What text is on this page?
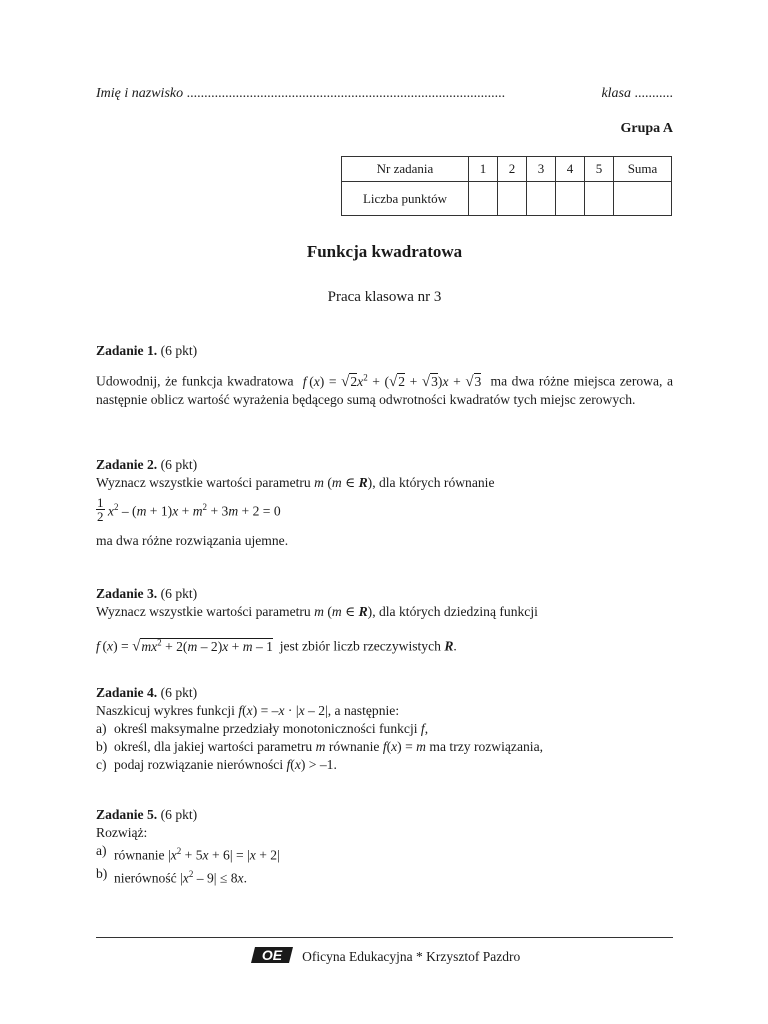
Imię i nazwisko ...........................................................................................	klasa ...........
Grupa A
Nr zadania	1	2	3	4	5	Suma
Liczba punktów						
Funkcja kwadratowa
Praca klasowa nr 3
Zadanie 1. (6 pkt)
Udowodnij, że funkcja kwadratowa f $(x) = √2x^2 + (√2 + √3)x + √3$ ma dwa różne miejsca zerowa, a następnie oblicz wartość wyrażenia będącego sumą odwrotności kwadratów tych miejsc zerowych.
Zadanie 2. (6 pkt)
Wyznacz wszystkie wartości parametru m (m ∈ R), dla których równanie
$\frac{1}{2} x^2 - (m + 1)x + m^2 + 3m + 2 = 0$
ma dwa różne rozwiązania ujemne.
Zadanie 3. (6 pkt)
Wyznacz wszystkie wartości parametru m (m ∈ R), dla których dziedziną funkcji
f $(x) = √mx^2 + 2(m - 2)x + m - 1$ jest zbiór liczb rzeczywistych R.
Zadanie 4. (6 pkt)
Naszkicuj wykres funkcji f(x) = –x · |x – 2|, a następnie:
a) określ maksymalne przedziały monotoniczności funkcji f,
b) określ, dla jakiej wartości parametru m równanie f(x) = m ma trzy rozwiązania,
c) podaj rozwiązanie nierówności f(x) > –1.
Zadanie 5. (6 pkt)
Rozwiąż:
a) równanie $|x^2 + 5x + 6| = |x + 2|$
b) nierówność $|x^2 - 9| \le 8x$.
OE Oficyna Edukacyjna * Krzysztof Pazdro
